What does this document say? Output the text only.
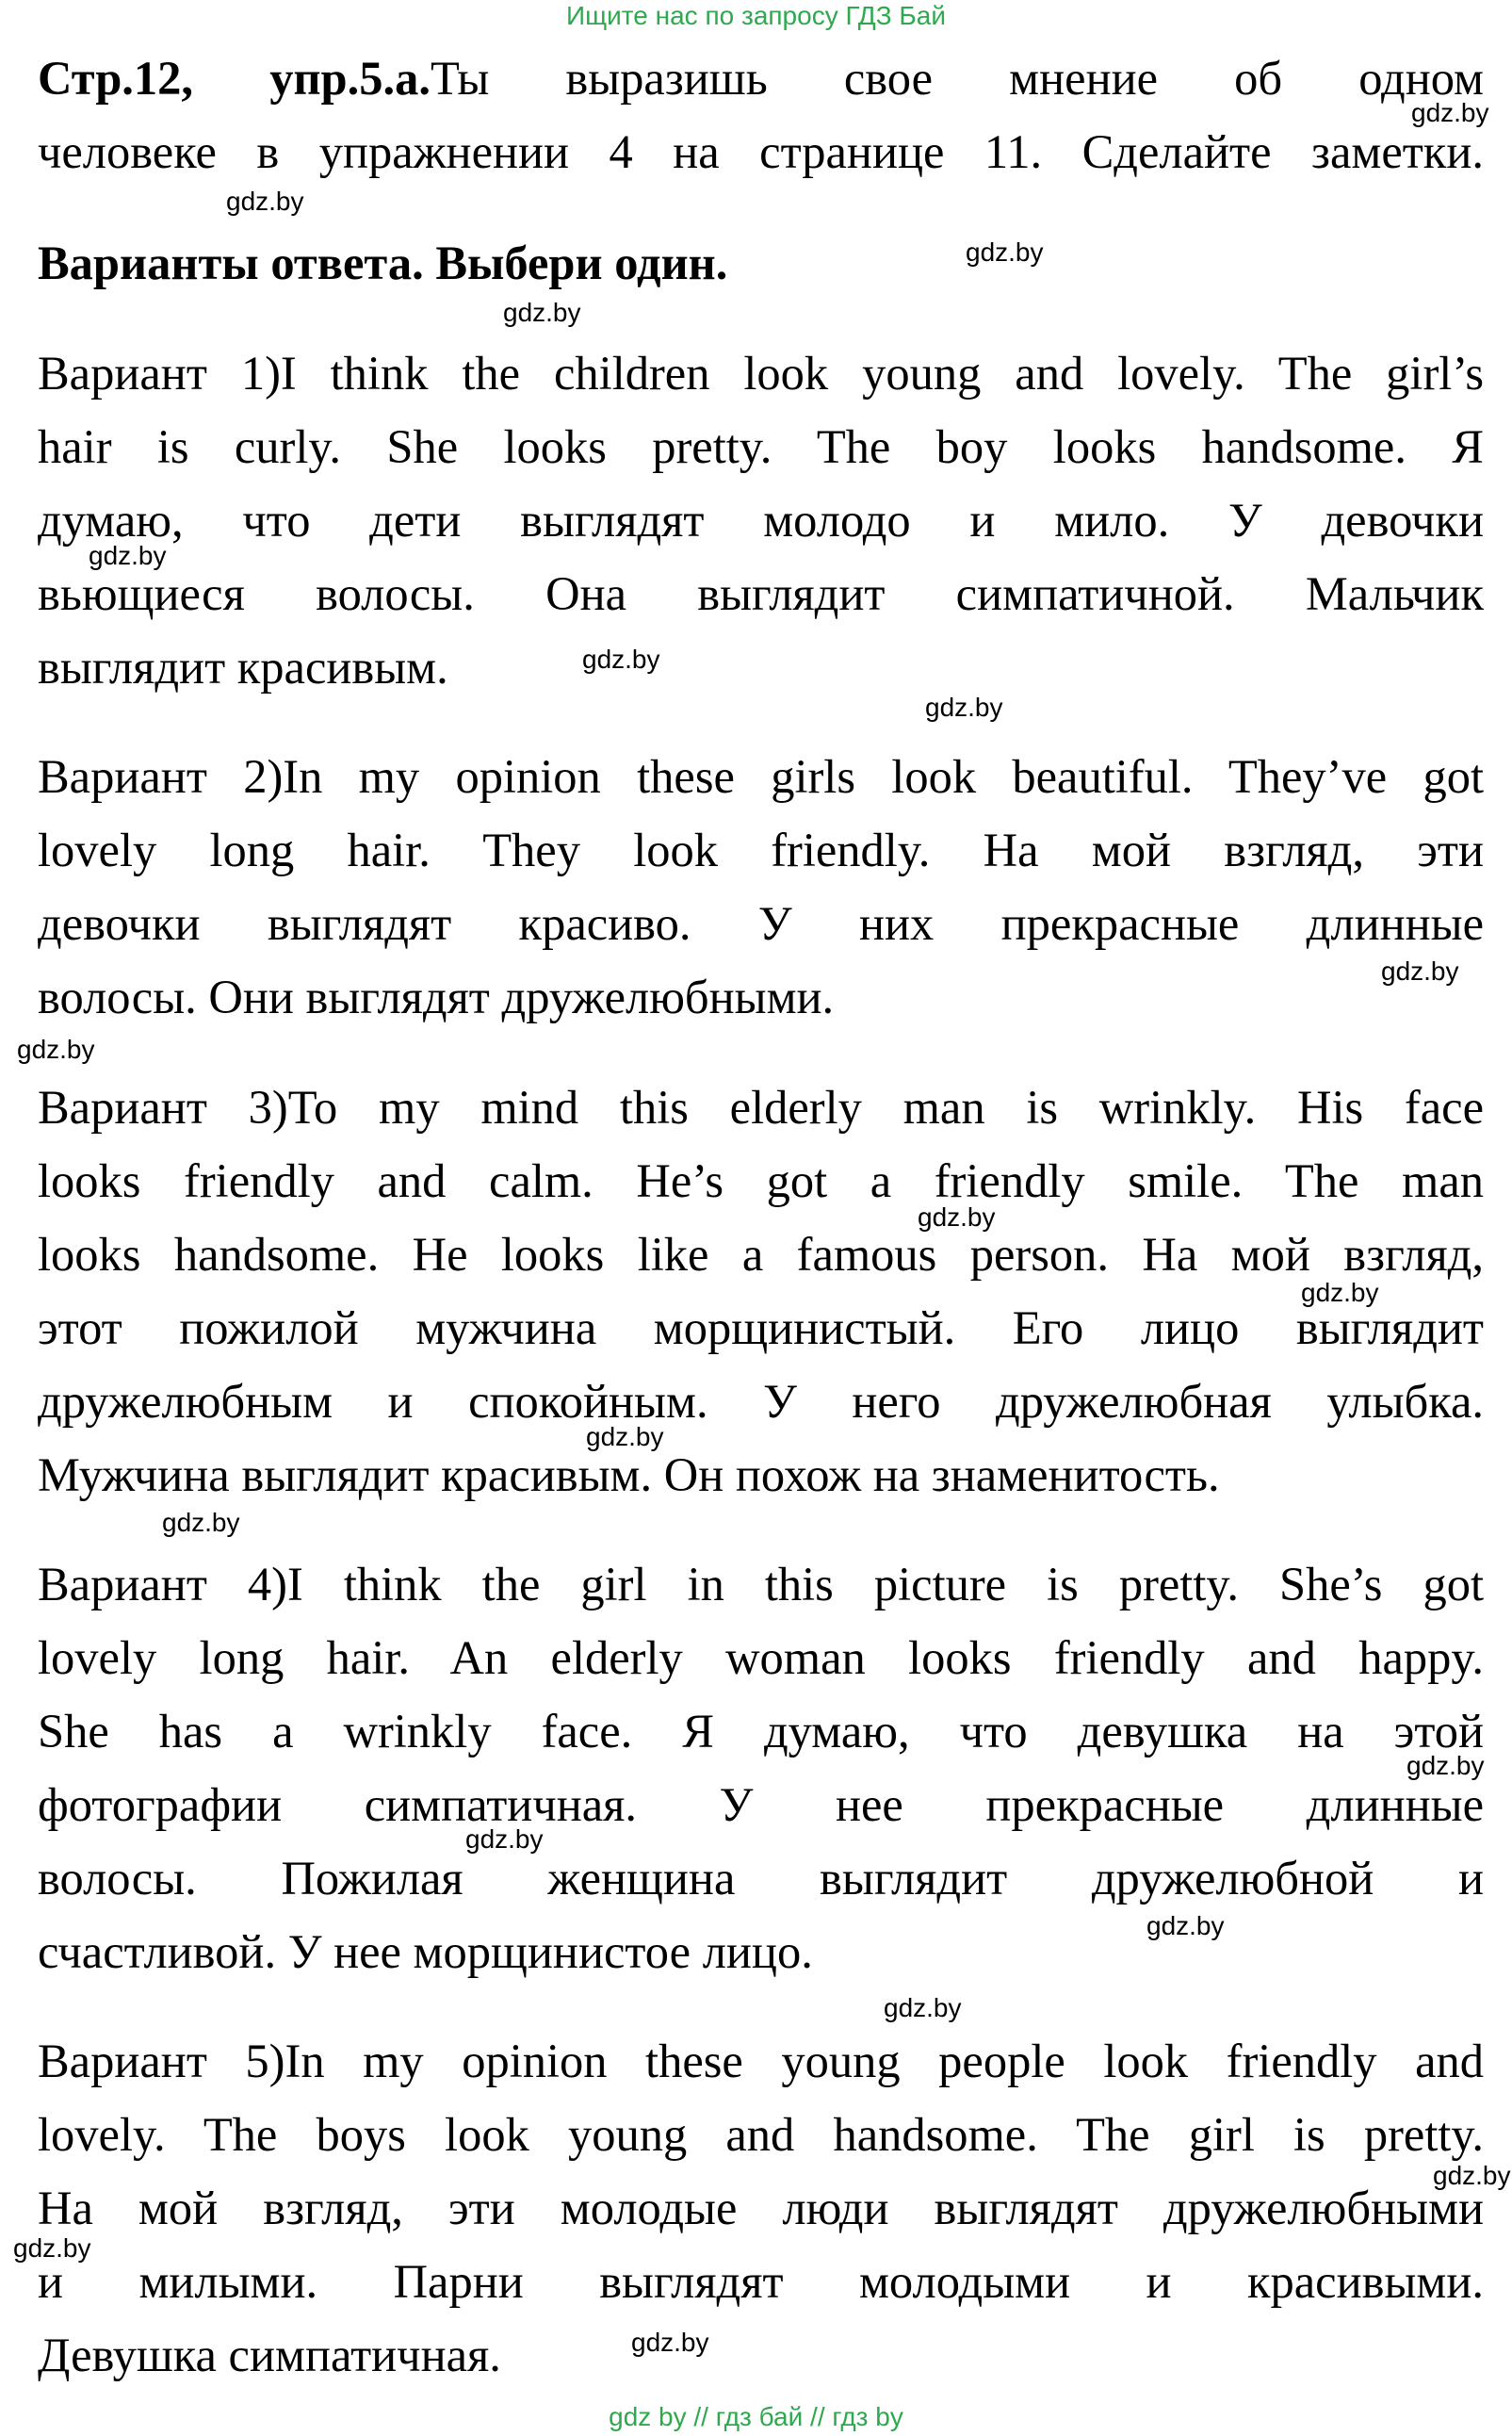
Ищите нас по запросу ГДЗ Бай
Стр.12, упр.5.а.Ты выразишь свое мнение об одном
человеке в упражнении 4 на странице 11. Сделайте заметки.
Варианты ответа. Выбери один.
Вариант 1)I think the children look young and lovely. The girl’s
hair is curly. She looks pretty. The boy looks handsome. Я
думаю, что дети выглядят молодо и мило. У девочки
вьющиеся волосы. Она выглядит симпатичной. Мальчик
выглядит красивым.
Вариант 2)In my opinion these girls look beautiful. They’ve got
lovely long hair. They look friendly. На мой взгляд, эти
девочки выглядят красиво. У них прекрасные длинные
волосы. Они выглядят дружелюбными.
Вариант 3)To my mind this elderly man is wrinkly. His face
looks friendly and calm. He’s got a friendly smile. The man
looks handsome. He looks like a famous person. На мой взгляд,
этот пожилой мужчина морщинистый. Его лицо выглядит
дружелюбным и спокойным. У него дружелюбная улыбка.
Мужчина выглядит красивым. Он похож на знаменитость.
Вариант 4)I think the girl in this picture is pretty. She’s got
lovely long hair. An elderly woman looks friendly and happy.
She has a wrinkly face. Я думаю, что девушка на этой
фотографии симпатичная. У нее прекрасные длинные
волосы. Пожилая женщина выглядит дружелюбной и
счастливой. У нее морщинистое лицо.
Вариант 5)In my opinion these young people look friendly and
lovely. The boys look young and handsome. The girl is pretty.
На мой взгляд, эти молодые люди выглядят дружелюбными
и милыми. Парни выглядят молодыми и красивыми.
Девушка симпатичная.
gdz.by
gdz.by
gdz.by
gdz.by
gdz.by
gdz.by
gdz.by
gdz.by
gdz.by
gdz.by
gdz.by
gdz.by
gdz.by
gdz.by
gdz.by
gdz.by
gdz.by
gdz.by
gdz.by
gdz.by
gdz by // гдз бай // гдз by
